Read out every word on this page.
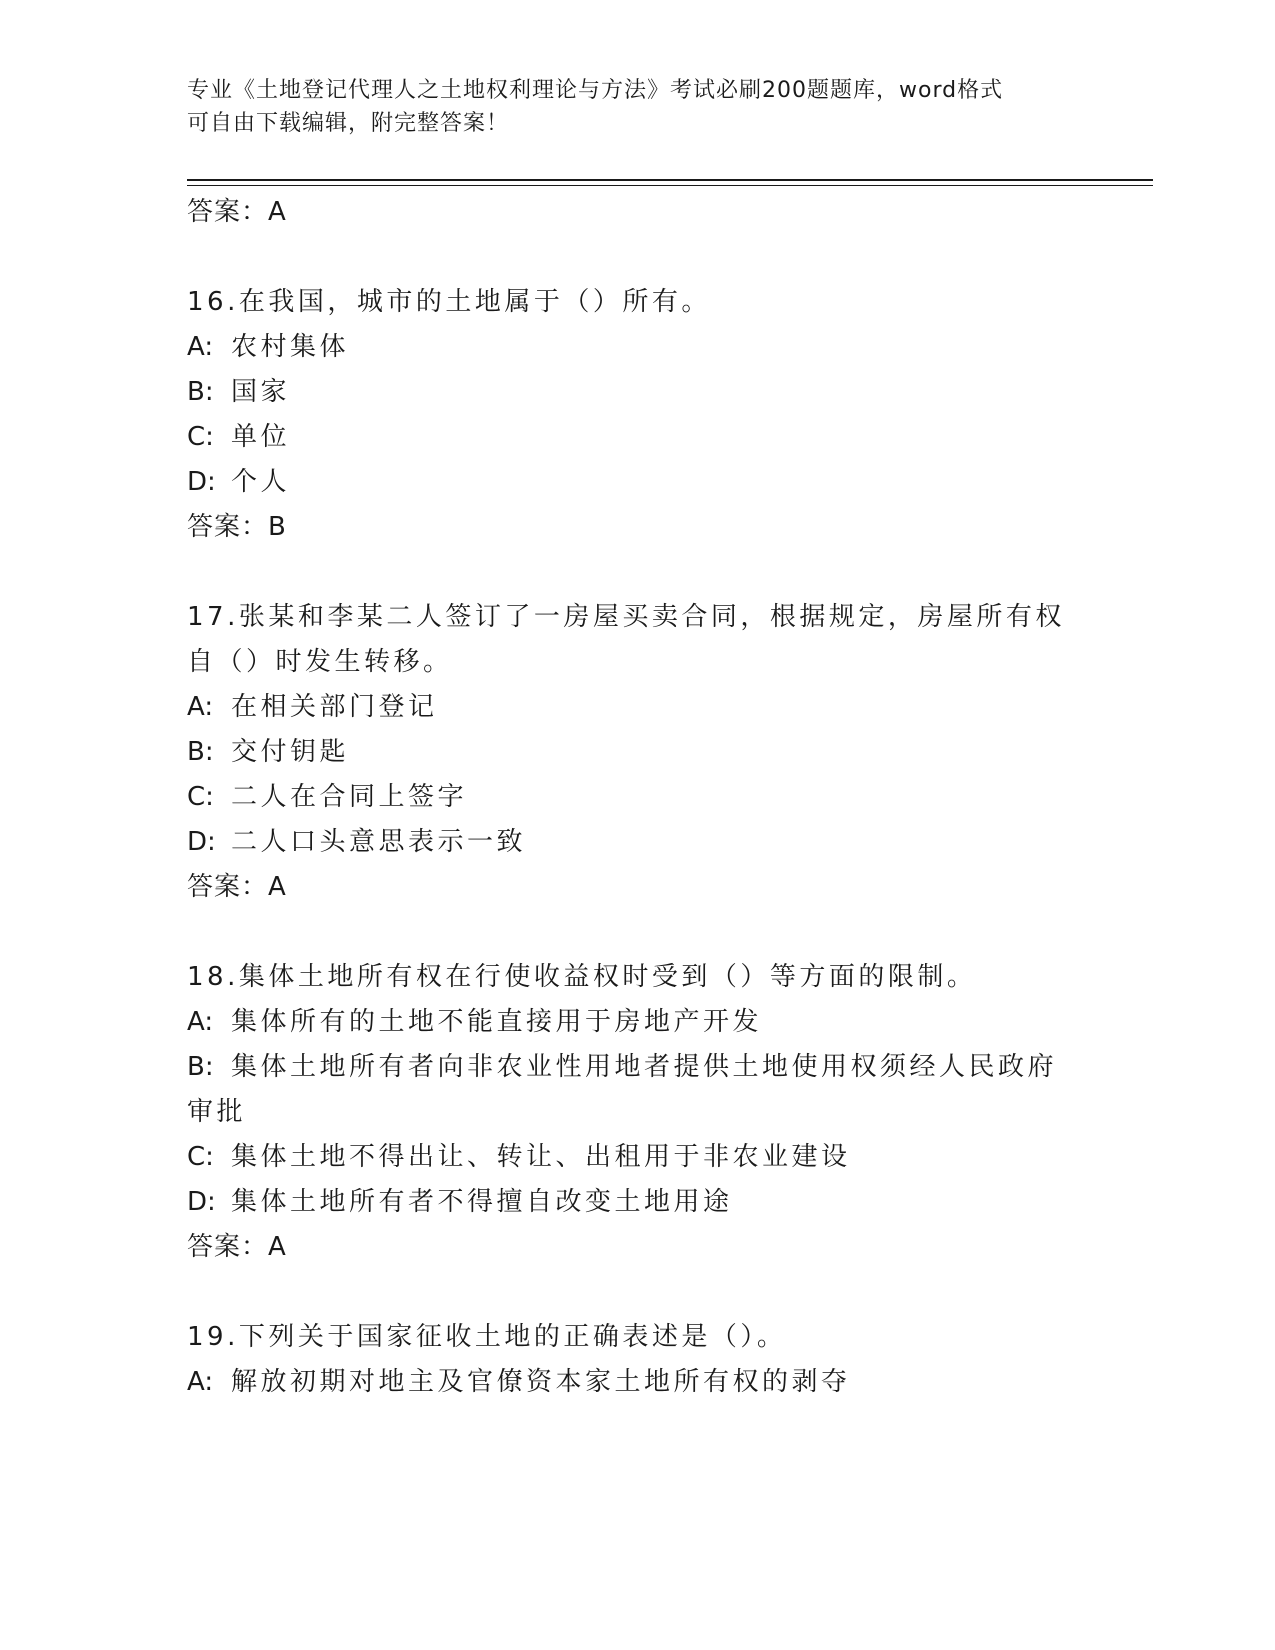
专业《土地登记代理人之土地权利理论与方法》考试必刷200题题库，word格式
可自由下载编辑，附完整答案！
答案：A
16.在我国，城市的土地属于（）所有。
A: 农村集体
B: 国家
C: 单位
D: 个人
答案：B
17.张某和李某二人签订了一房屋买卖合同，根据规定，房屋所有权自（）时发生转移。
A: 在相关部门登记
B: 交付钥匙
C: 二人在合同上签字
D: 二人口头意思表示一致
答案：A
18.集体土地所有权在行使收益权时受到（）等方面的限制。
A: 集体所有的土地不能直接用于房地产开发
B: 集体土地所有者向非农业性用地者提供土地使用权须经人民政府审批
C: 集体土地不得出让、转让、出租用于非农业建设
D: 集体土地所有者不得擅自改变土地用途
答案：A
19.下列关于国家征收土地的正确表述是（）。
A: 解放初期对地主及官僚资本家土地所有权的剥夺
